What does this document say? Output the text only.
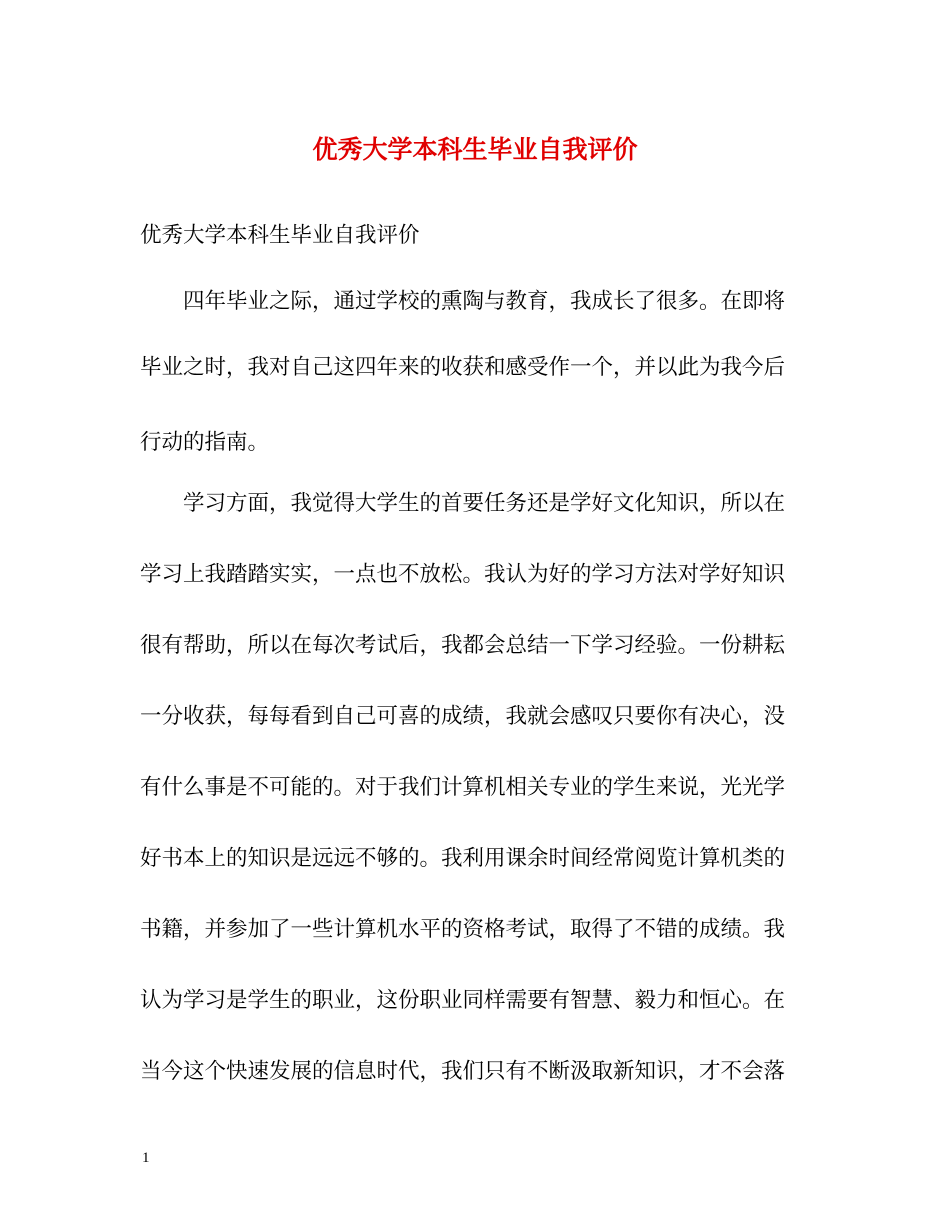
优秀大学本科生毕业自我评价
优秀大学本科生毕业自我评价
四年毕业之际，通过学校的熏陶与教育，我成长了很多。在即将
毕业之时，我对自己这四年来的收获和感受作一个，并以此为我今后
行动的指南。
学习方面，我觉得大学生的首要任务还是学好文化知识，所以在
学习上我踏踏实实，一点也不放松。我认为好的学习方法对学好知识
很有帮助，所以在每次考试后，我都会总结一下学习经验。一份耕耘
一分收获，每每看到自己可喜的成绩，我就会感叹只要你有决心，没
有什么事是不可能的。对于我们计算机相关专业的学生来说，光光学
好书本上的知识是远远不够的。我利用课余时间经常阅览计算机类的
书籍，并参加了一些计算机水平的资格考试，取得了不错的成绩。我
认为学习是学生的职业，这份职业同样需要有智慧、毅力和恒心。在
当今这个快速发展的信息时代，我们只有不断汲取新知识，才不会落
1
